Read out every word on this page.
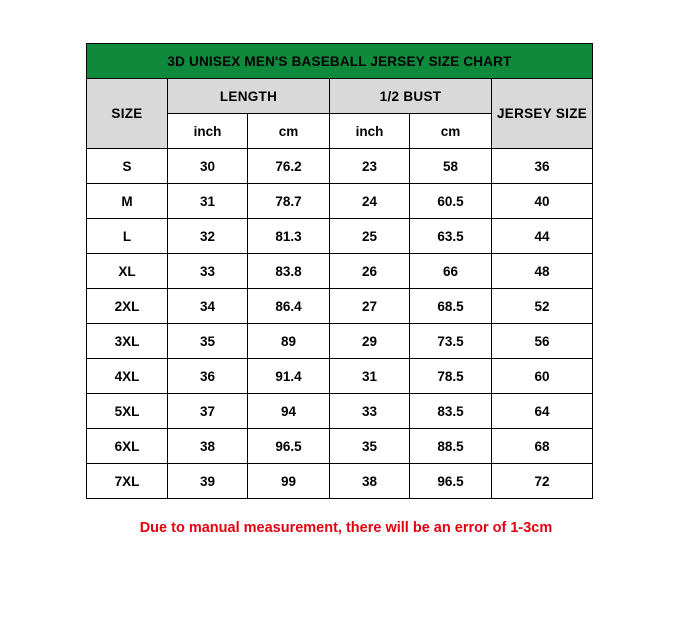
3D UNISEX MEN'S BASEBALL JERSEY SIZE CHART					
SIZE	LENGTH		1/2 BUST		JERSEY SIZE
	inch	cm	inch	cm	
S	30	76.2	23	58	36
M	31	78.7	24	60.5	40
L	32	81.3	25	63.5	44
XL	33	83.8	26	66	48
2XL	34	86.4	27	68.5	52
3XL	35	89	29	73.5	56
4XL	36	91.4	31	78.5	60
5XL	37	94	33	83.5	64
6XL	38	96.5	35	88.5	68
7XL	39	99	38	96.5	72
Due to manual measurement, there will be an error of 1-3cm
